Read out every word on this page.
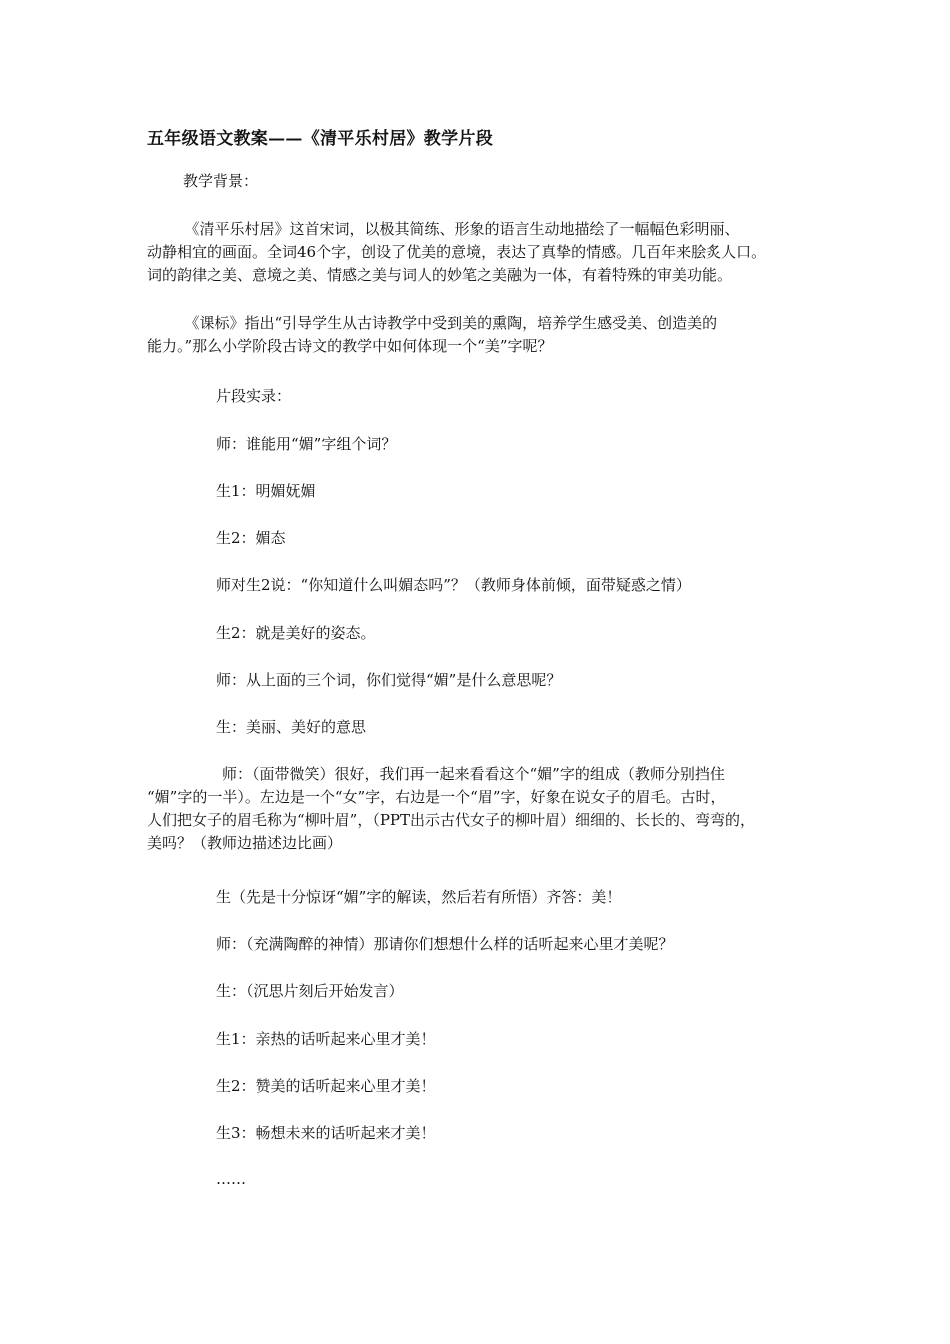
五年级语文教案——《清平乐村居》教学片段
教学背景：
　　　《清平乐村居》这首宋词，以极其简练、形象的语言生动地描绘了一幅幅色彩明丽、
动静相宜的画面。全词46个字，创设了优美的意境，表达了真挚的情感。几百年来脍炙人口。
词的韵律之美、意境之美、情感之美与词人的妙笔之美融为一体，有着特殊的审美功能。
　　　《课标》指出“引导学生从古诗教学中受到美的熏陶，培养学生感受美、创造美的
能力。”那么小学阶段古诗文的教学中如何体现一个“美”字呢？
片段实录：
师：谁能用“媚”字组个词？
生1：明媚妩媚
生2：媚态
师对生2说：“你知道什么叫媚态吗”？（教师身体前倾，面带疑惑之情）
生2：就是美好的姿态。
师：从上面的三个词，你们觉得“媚”是什么意思呢？
生：美丽、美好的意思
　　　　　师：（面带微笑）很好，我们再一起来看看这个“媚”字的组成（教师分别挡住
“媚”字的一半）。左边是一个“女”字，右边是一个“眉”字，好象在说女子的眉毛。古时，
人们把女子的眉毛称为“柳叶眉”，（PPT出示古代女子的柳叶眉）细细的、长长的、弯弯的，
美吗？（教师边描述边比画）
生（先是十分惊讶“媚”字的解读，然后若有所悟）齐答：美！
师：（充满陶醉的神情）那请你们想想什么样的话听起来心里才美呢？
生：（沉思片刻后开始发言）
生1：亲热的话听起来心里才美！
生2：赞美的话听起来心里才美！
生3：畅想未来的话听起来才美！
……
